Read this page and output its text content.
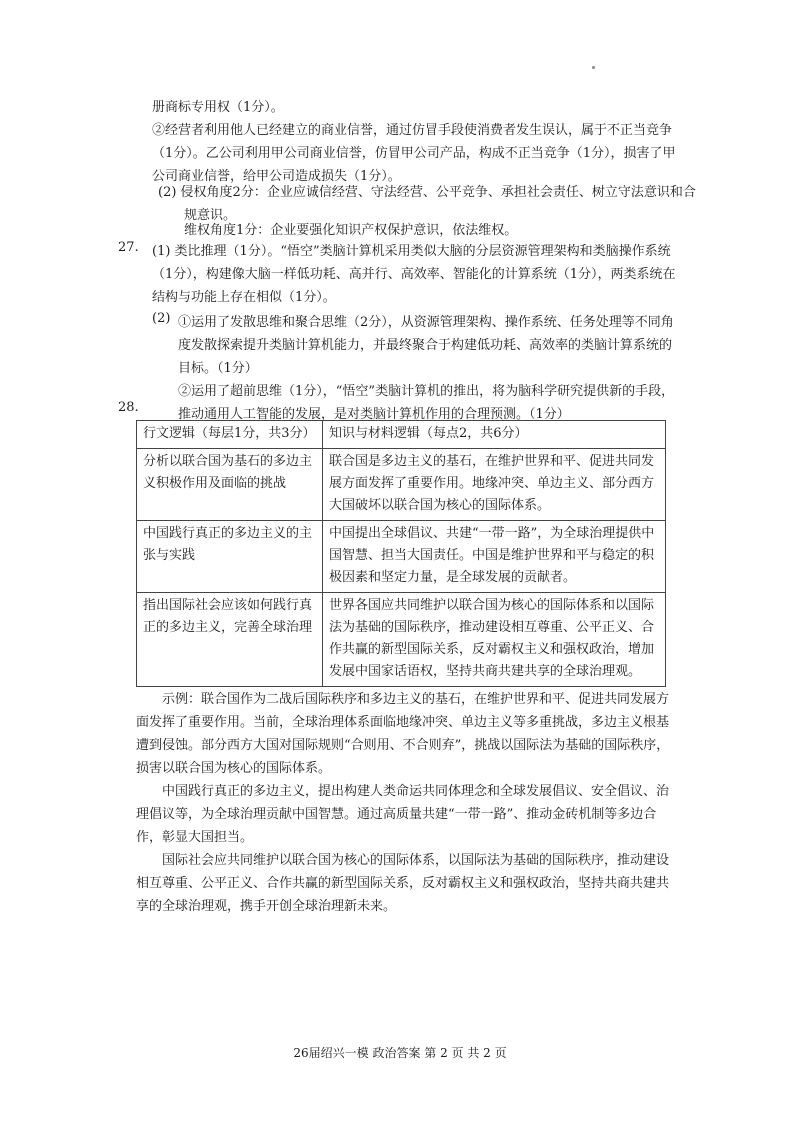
册商标专用权（1分）。

②经营者利用他人已经建立的商业信誉，通过仿冒手段使消费者发生误认，属于不正当竞争（1分）。乙公司利用甲公司商业信誉，仿冒甲公司产品，构成不正当竞争（1分），损害了甲公司商业信誉，给甲公司造成损失（1分）。

(2) 侵权角度2分：企业应诚信经营、守法经营、公平竞争、承担社会责任、树立守法意识和合规意识。

维权角度1分：企业要强化知识产权保护意识，依法维权。

27.	(1) 类比推理（1分）。“悟空”类脑计算机采用类似大脑的分层资源管理架构和类脑操作系统（1分），构建像大脑一样低功耗、高并行、高效率、智能化的计算系统（1分），两类系统在结构与功能上存在相似（1分）。

(2) ①运用了发散思维和聚合思维（2分），从资源管理架构、操作系统、任务处理等不同角度发散探索提升类脑计算机能力，并最终聚合于构建低功耗、高效率的类脑计算系统的目标。（1分）

②运用了超前思维（1分），“悟空”类脑计算机的推出，将为脑科学研究提供新的手段，推动通用人工智能的发展，是对类脑计算机作用的合理预测。（1分）

28.
行文逻辑（每层1分，共3分）	知识与材料逻辑（每点2，共6分）
分析以联合国为基石的多边主义积极作用及面临的挑战	联合国是多边主义的基石，在维护世界和平、促进共同发展方面发挥了重要作用。地缘冲突、单边主义、部分西方大国破坏以联合国为核心的国际体系。
中国践行真正的多边主义的主张与实践	中国提出全球倡议、共建“一带一路”，为全球治理提供中国智慧、担当大国责任。中国是维护世界和平与稳定的积极因素和坚定力量，是全球发展的贡献者。
指出国际社会应该如何践行真正的多边主义，完善全球治理	世界各国应共同维护以联合国为核心的国际体系和以国际法为基础的国际秩序，推动建设相互尊重、公平正义、合作共赢的新型国际关系，反对霸权主义和强权政治，增加发展中国家话语权，坚持共商共建共享的全球治理观。

示例：联合国作为二战后国际秩序和多边主义的基石，在维护世界和平、促进共同发展方面发挥了重要作用。当前，全球治理体系面临地缘冲突、单边主义等多重挑战，多边主义根基遭到侵蚀。部分西方大国对国际规则“合则用、不合则弃”，挑战以国际法为基础的国际秩序，损害以联合国为核心的国际体系。

中国践行真正的多边主义，提出构建人类命运共同体理念和全球发展倡议、安全倡议、治理倡议等，为全球治理贡献中国智慧。通过高质量共建“一带一路”、推动金砖机制等多边合作，彰显大国担当。

国际社会应共同维护以联合国为核心的国际体系，以国际法为基础的国际秩序，推动建设相互尊重、公平正义、合作共赢的新型国际关系，反对霸权主义和强权政治，坚持共商共建共享的全球治理观，携手开创全球治理新未来。

26届绍兴一模 政治答案 第 2 页 共 2 页
